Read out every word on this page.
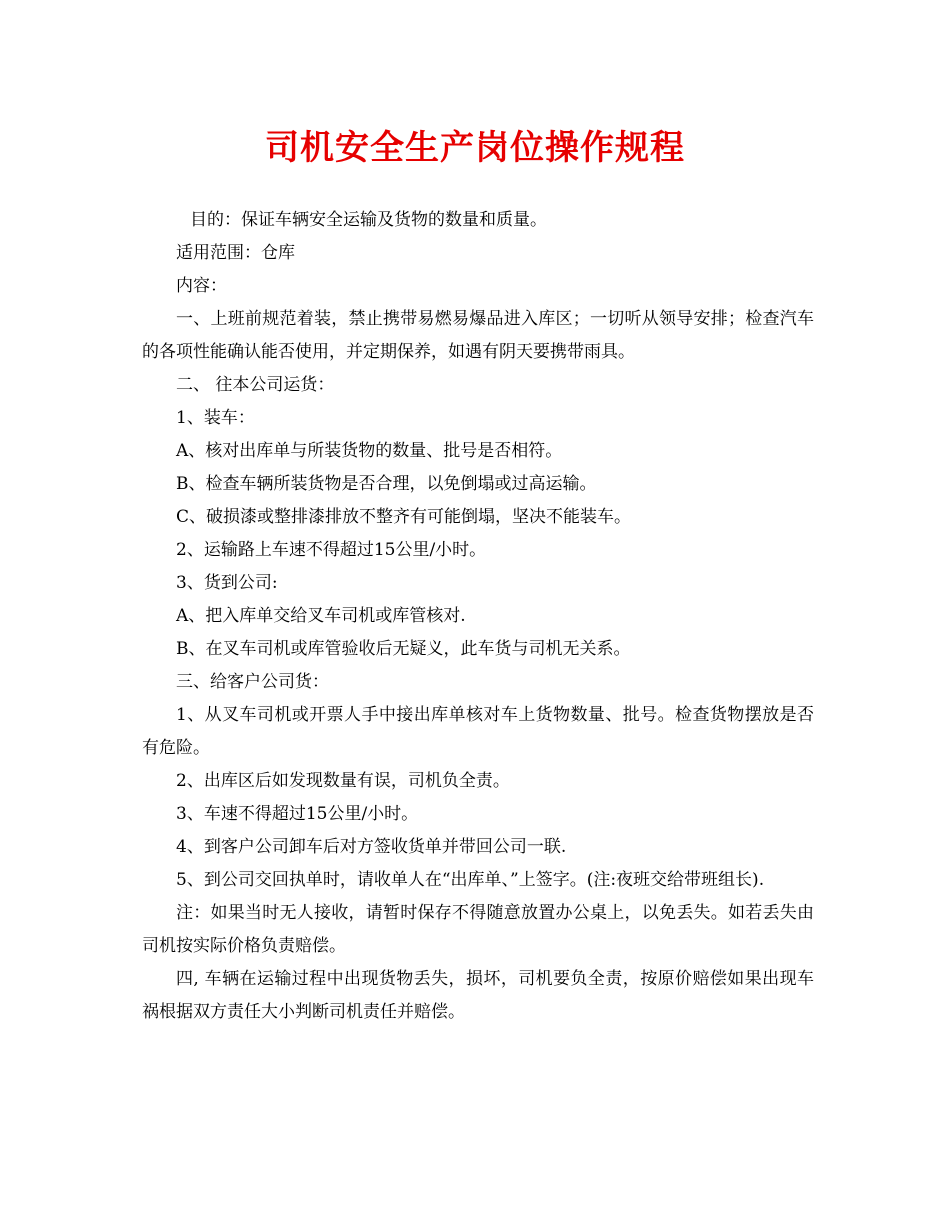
司机安全生产岗位操作规程

目的：保证车辆安全运输及货物的数量和质量。

适用范围：仓库

内容：

一、上班前规范着装，禁止携带易燃易爆品进入库区；一切听从领导安排；检查汽车的各项性能确认能否使用，并定期保养，如遇有阴天要携带雨具。

二、 往本公司运货：

1、装车：

A、核对出库单与所装货物的数量、批号是否相符。

B、检查车辆所装货物是否合理，以免倒塌或过高运输。

C、破损漆或整排漆排放不整齐有可能倒塌，坚决不能装车。

2、运输路上车速不得超过15公里/小时。

3、货到公司:

A、把入库单交给叉车司机或库管核对.

B、在叉车司机或库管验收后无疑义，此车货与司机无关系。

三、给客户公司货：

1、从叉车司机或开票人手中接出库单核对车上货物数量、批号。检查货物摆放是否有危险。

2、出库区后如发现数量有误，司机负全责。

3、车速不得超过15公里/小时。

4、到客户公司卸车后对方签收货单并带回公司一联.

5、到公司交回执单时，请收单人在“出库单、”上签字。(注:夜班交给带班组长).

注：如果当时无人接收，请暂时保存不得随意放置办公桌上，以免丢失。如若丢失由司机按实际价格负责赔偿。

四, 车辆在运输过程中出现货物丢失，损坏，司机要负全责，按原价赔偿如果出现车祸根据双方责任大小判断司机责任并赔偿。
